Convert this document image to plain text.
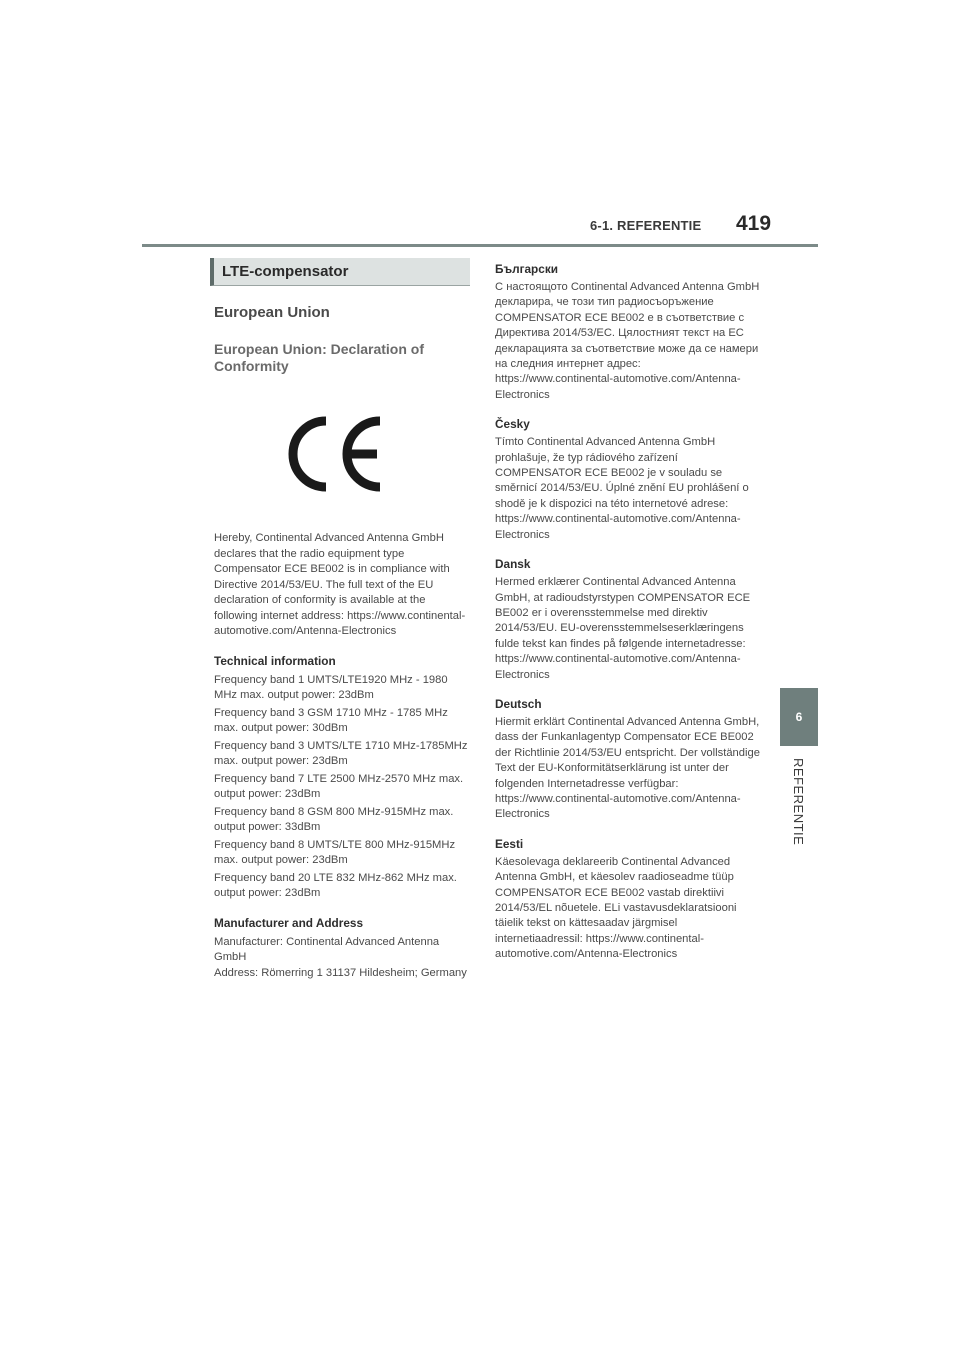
6-1. REFERENTIE 419
6
REFERENTIE
LTE-compensator
European Union
European Union: Declaration of Conformity

Hereby, Continental Advanced Antenna GmbH declares that the radio equipment type Compensator ECE BE002 is in compliance with Directive 2014/53/EU. The full text of the EU declaration of conformity is available at the following internet address: https://www.continental-automotive.com/Antenna-Electronics

Technical information
Frequency band 1 UMTS/LTE1920 MHz - 1980 MHz max. output power: 23dBm
Frequency band 3 GSM 1710 MHz - 1785 MHz max. output power: 30dBm
Frequency band 3 UMTS/LTE 1710 MHz-1785MHz max. output power: 23dBm
Frequency band 7 LTE 2500 MHz-2570 MHz max. output power: 23dBm
Frequency band 8 GSM 800 MHz-915MHz max. output power: 33dBm
Frequency band 8 UMTS/LTE 800 MHz-915MHz max. output power: 23dBm
Frequency band 20 LTE 832 MHz-862 MHz max. output power: 23dBm
Manufacturer and Address

Manufacturer: Continental Advanced Antenna GmbH

Address: Römerring 1 31137 Hildesheim; Germany

Български

С настоящото Continental Advanced Antenna GmbH декларира, че този тип радиосъоръжение COMPENSATOR ECE BE002 е в съответствие с Директива 2014/53/ЕС. Цялостният текст на ЕС декларацията за съответствие може да се намери на следния интернет адрес: https://www.continental-automotive.com/Antenna-Electronics

Česky

Tímto Continental Advanced Antenna GmbH prohlašuje, že typ rádiového zařízení COMPENSATOR ECE BE002 je v souladu se směrnicí 2014/53/EU. Úplné znění EU prohlášení o shodě je k dispozici na této internetové adrese: https://www.continental-automotive.com/Antenna-Electronics

Dansk

Hermed erklærer Continental Advanced Antenna GmbH, at radioudstyrstypen COMPENSATOR ECE BE002 er i overensstemmelse med direktiv 2014/53/EU. EU-overensstemmelseserklæringens fulde tekst kan findes på følgende internetadresse: https://www.continental-automotive.com/Antenna-Electronics

Deutsch

Hiermit erklärt Continental Advanced Antenna GmbH, dass der Funkanlagentyp Compensator ECE BE002 der Richtlinie 2014/53/EU entspricht. Der vollständige Text der EU-Konformitätserklärung ist unter der folgenden Internetadresse verfügbar: https://www.continental-automotive.com/Antenna-Electronics

Eesti

Käesolevaga deklareerib Continental Advanced Antenna GmbH, et käesolev raadioseadme tüüp COMPENSATOR ECE BE002 vastab direktiivi 2014/53/EL nõuetele. ELi vastavusdeklaratsiooni täielik tekst on kättesaadav järgmisel internetiaadressil: https://www.continental-automotive.com/Antenna-Electronics
